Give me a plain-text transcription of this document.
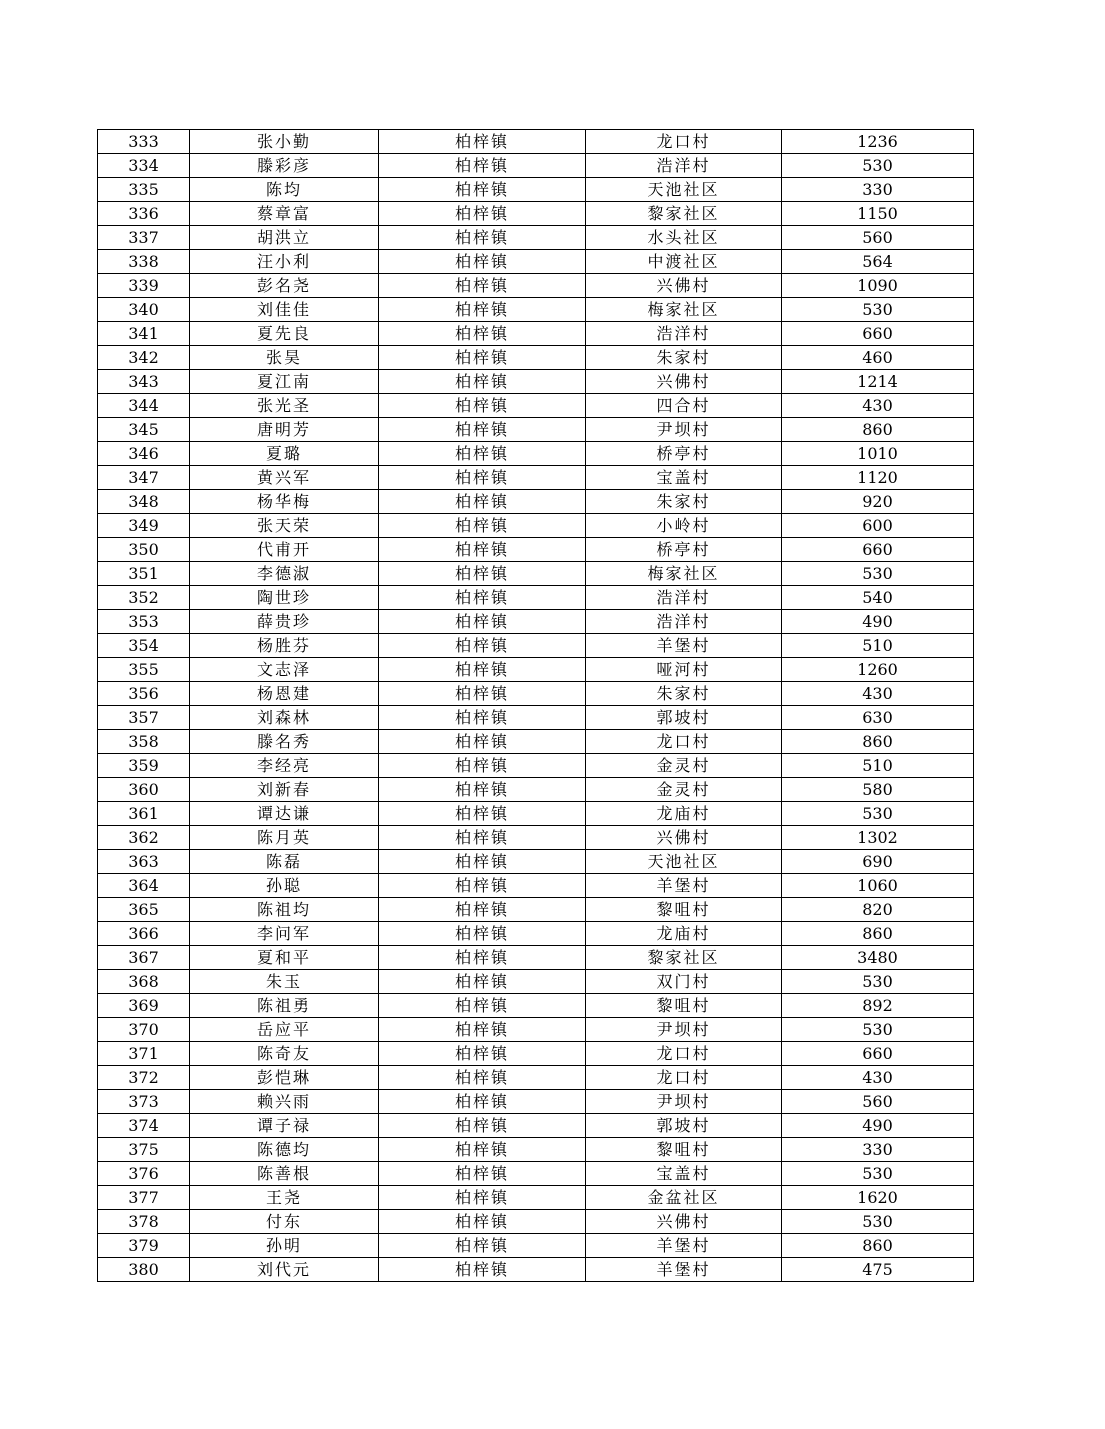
333	张小勤	柏梓镇	龙口村	1236
334	滕彩彦	柏梓镇	浩洋村	530
335	陈均	柏梓镇	天池社区	330
336	蔡章富	柏梓镇	黎家社区	1150
337	胡洪立	柏梓镇	水头社区	560
338	汪小利	柏梓镇	中渡社区	564
339	彭名尧	柏梓镇	兴佛村	1090
340	刘佳佳	柏梓镇	梅家社区	530
341	夏先良	柏梓镇	浩洋村	660
342	张昊	柏梓镇	朱家村	460
343	夏江南	柏梓镇	兴佛村	1214
344	张光圣	柏梓镇	四合村	430
345	唐明芳	柏梓镇	尹坝村	860
346	夏璐	柏梓镇	桥亭村	1010
347	黄兴军	柏梓镇	宝盖村	1120
348	杨华梅	柏梓镇	朱家村	920
349	张天荣	柏梓镇	小岭村	600
350	代甫开	柏梓镇	桥亭村	660
351	李德淑	柏梓镇	梅家社区	530
352	陶世珍	柏梓镇	浩洋村	540
353	薛贵珍	柏梓镇	浩洋村	490
354	杨胜芬	柏梓镇	羊堡村	510
355	文志泽	柏梓镇	哑河村	1260
356	杨恩建	柏梓镇	朱家村	430
357	刘森林	柏梓镇	郭坡村	630
358	滕名秀	柏梓镇	龙口村	860
359	李经亮	柏梓镇	金灵村	510
360	刘新春	柏梓镇	金灵村	580
361	谭达谦	柏梓镇	龙庙村	530
362	陈月英	柏梓镇	兴佛村	1302
363	陈磊	柏梓镇	天池社区	690
364	孙聪	柏梓镇	羊堡村	1060
365	陈祖均	柏梓镇	黎咀村	820
366	李问军	柏梓镇	龙庙村	860
367	夏和平	柏梓镇	黎家社区	3480
368	朱玉	柏梓镇	双门村	530
369	陈祖勇	柏梓镇	黎咀村	892
370	岳应平	柏梓镇	尹坝村	530
371	陈奇友	柏梓镇	龙口村	660
372	彭恺琳	柏梓镇	龙口村	430
373	赖兴雨	柏梓镇	尹坝村	560
374	谭子禄	柏梓镇	郭坡村	490
375	陈德均	柏梓镇	黎咀村	330
376	陈善根	柏梓镇	宝盖村	530
377	王尧	柏梓镇	金盆社区	1620
378	付东	柏梓镇	兴佛村	530
379	孙明	柏梓镇	羊堡村	860
380	刘代元	柏梓镇	羊堡村	475
